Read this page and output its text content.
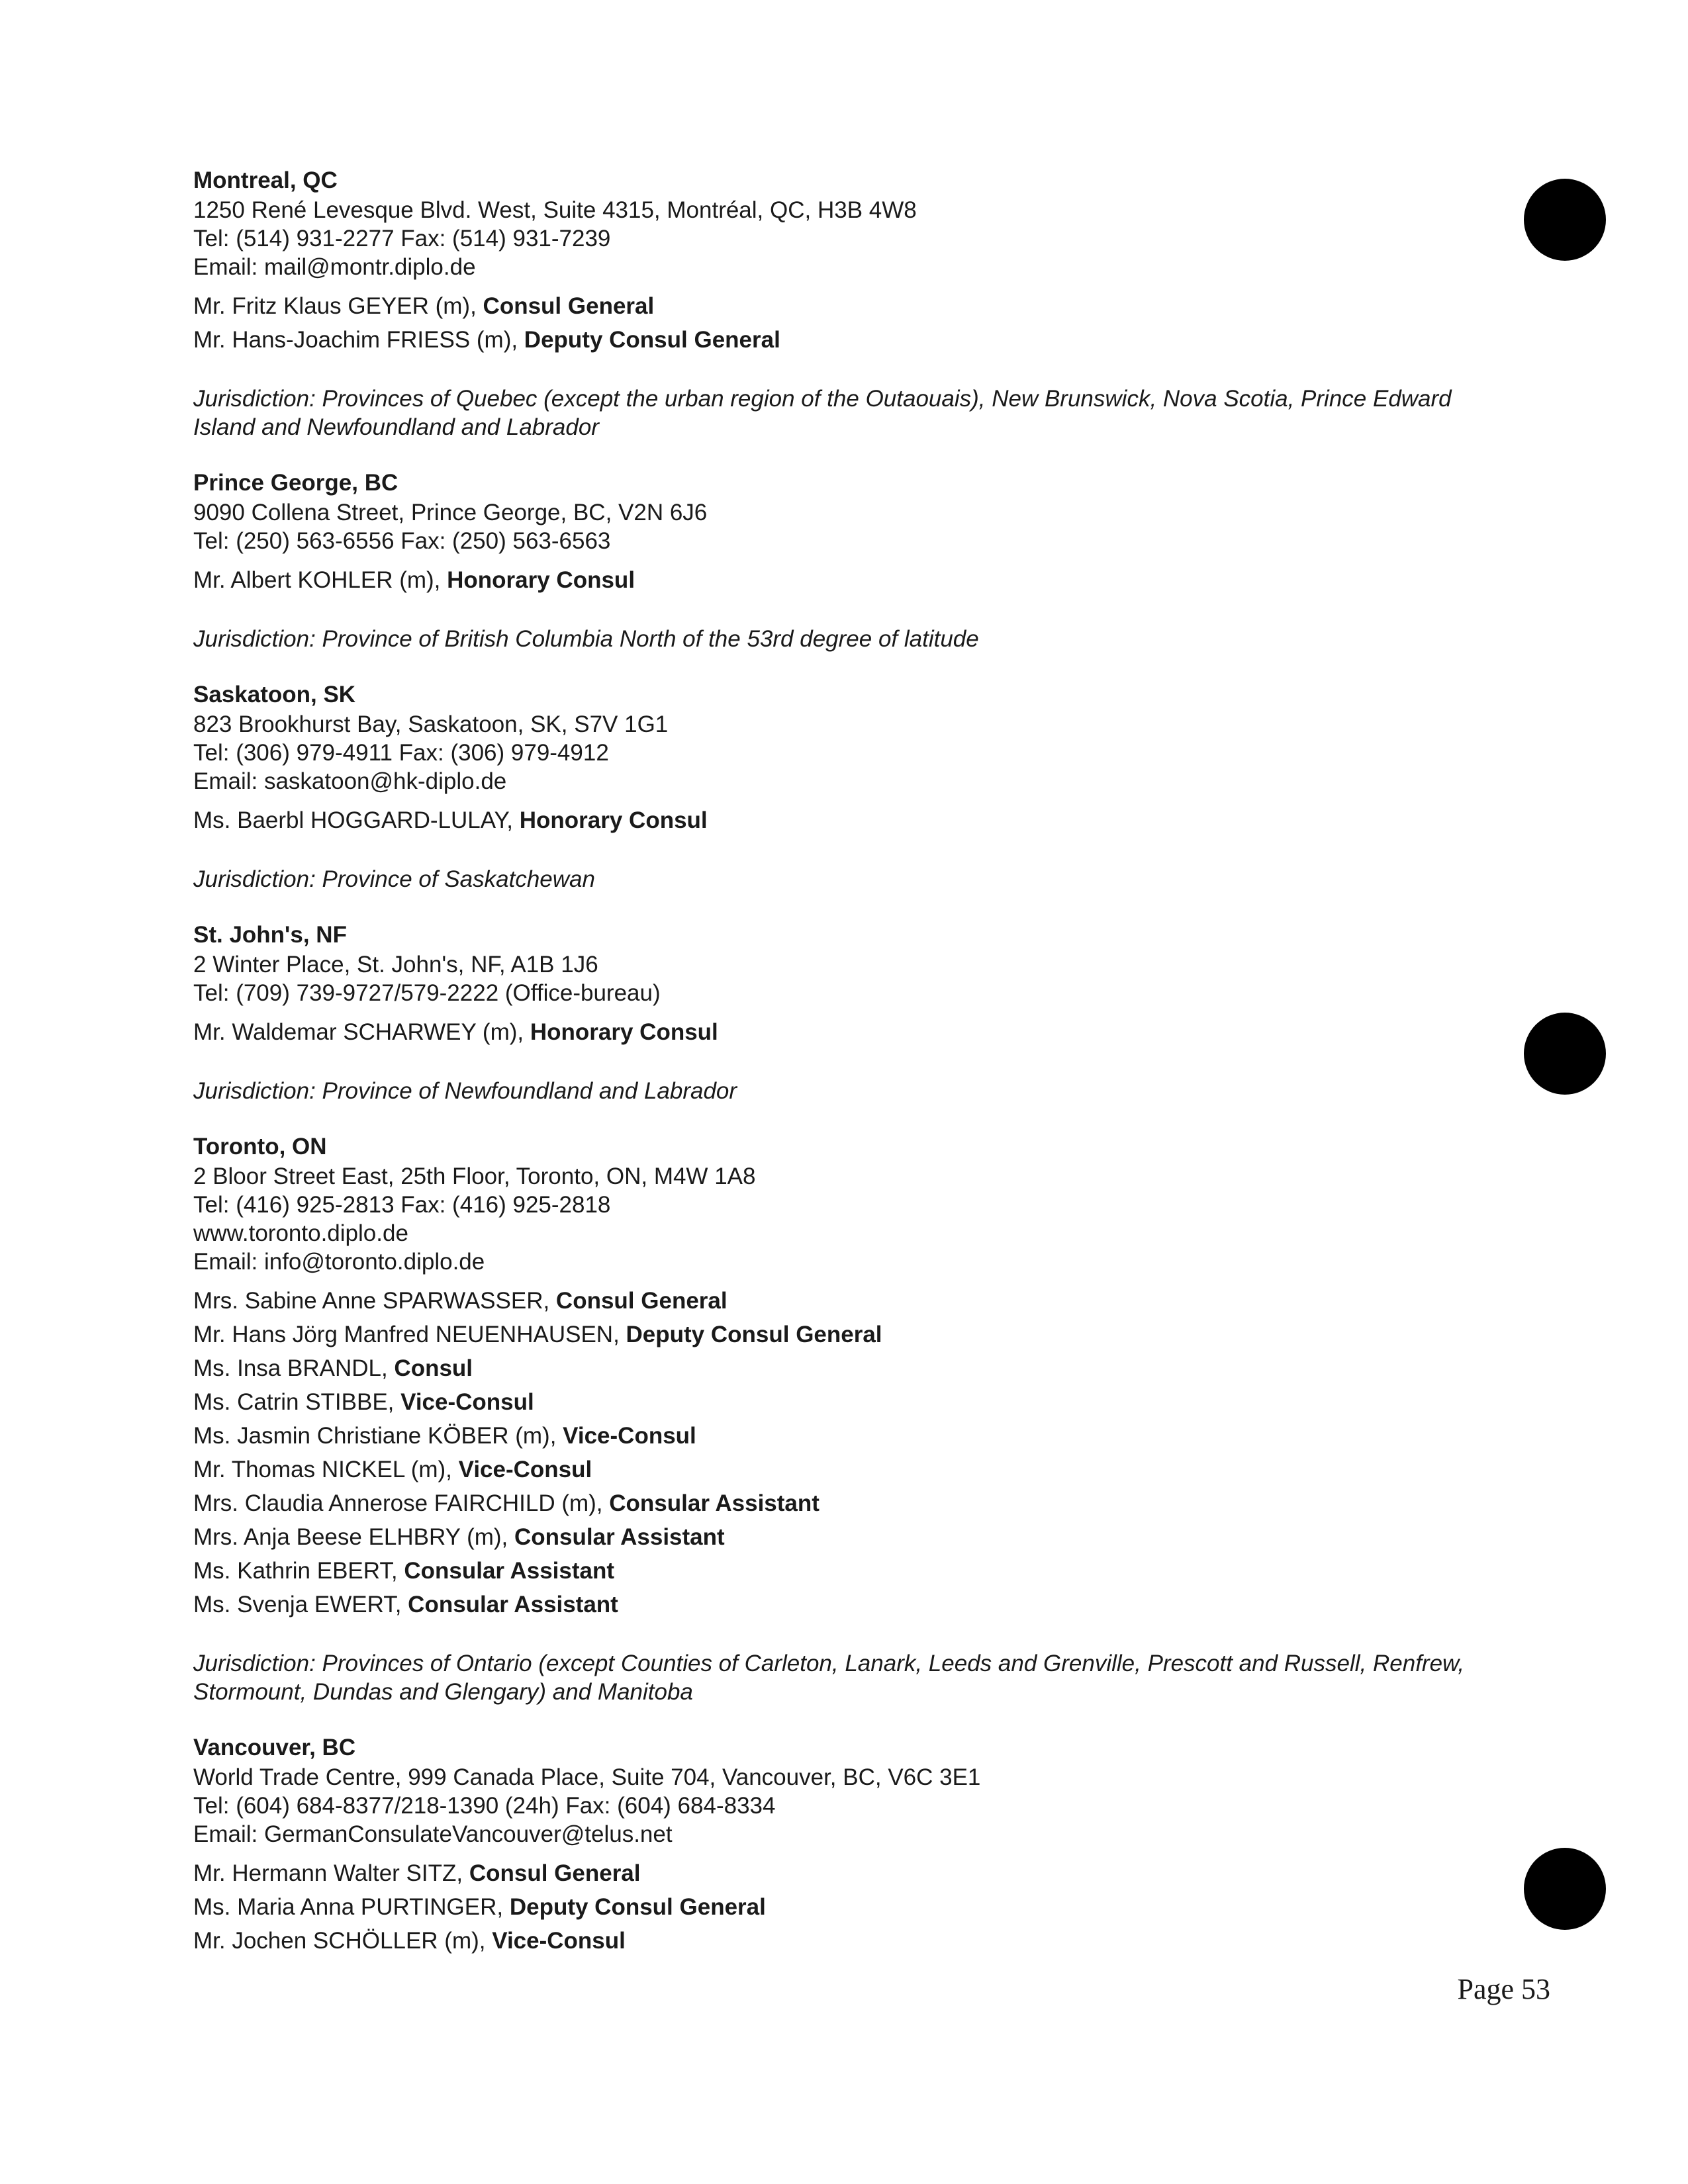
Montreal, QC
1250 René Levesque Blvd. West, Suite 4315, Montréal, QC, H3B 4W8
Tel: (514) 931-2277 Fax: (514) 931-7239
Email: mail@montr.diplo.de
Mr. Fritz Klaus GEYER (m), Consul General
Mr. Hans-Joachim FRIESS (m), Deputy Consul General
Jurisdiction: Provinces of Quebec (except the urban region of the Outaouais), New Brunswick, Nova Scotia, Prince Edward Island and Newfoundland and Labrador
Prince George, BC
9090 Collena Street, Prince George, BC, V2N 6J6
Tel: (250) 563-6556 Fax: (250) 563-6563
Mr. Albert KOHLER (m), Honorary Consul
Jurisdiction: Province of British Columbia North of the 53rd degree of latitude
Saskatoon, SK
823 Brookhurst Bay, Saskatoon, SK, S7V 1G1
Tel: (306) 979-4911 Fax: (306) 979-4912
Email: saskatoon@hk-diplo.de
Ms. Baerbl HOGGARD-LULAY, Honorary Consul
Jurisdiction: Province of Saskatchewan
St. John's, NF
2 Winter Place, St. John's, NF, A1B 1J6
Tel: (709) 739-9727/579-2222 (Office-bureau)
Mr. Waldemar SCHARWEY (m), Honorary Consul
Jurisdiction: Province of Newfoundland and Labrador
Toronto, ON
2 Bloor Street East, 25th Floor, Toronto, ON, M4W 1A8
Tel: (416) 925-2813 Fax: (416) 925-2818
www.toronto.diplo.de
Email: info@toronto.diplo.de
Mrs. Sabine Anne SPARWASSER, Consul General
Mr. Hans Jörg Manfred NEUENHAUSEN, Deputy Consul General
Ms. Insa BRANDL, Consul
Ms. Catrin STIBBE, Vice-Consul
Ms. Jasmin Christiane KÖBER (m), Vice-Consul
Mr. Thomas NICKEL (m), Vice-Consul
Mrs. Claudia Annerose FAIRCHILD (m), Consular Assistant
Mrs. Anja Beese ELHBRY (m), Consular Assistant
Ms. Kathrin EBERT, Consular Assistant
Ms. Svenja EWERT, Consular Assistant
Jurisdiction: Provinces of Ontario (except Counties of Carleton, Lanark, Leeds and Grenville, Prescott and Russell, Renfrew, Stormount, Dundas and Glengary) and Manitoba
Vancouver, BC
World Trade Centre, 999 Canada Place, Suite 704, Vancouver, BC, V6C 3E1
Tel: (604) 684-8377/218-1390 (24h) Fax: (604) 684-8334
Email: GermanConsulateVancouver@telus.net
Mr. Hermann Walter SITZ, Consul General
Ms. Maria Anna PURTINGER, Deputy Consul General
Mr. Jochen SCHÖLLER (m), Vice-Consul
Page 53
